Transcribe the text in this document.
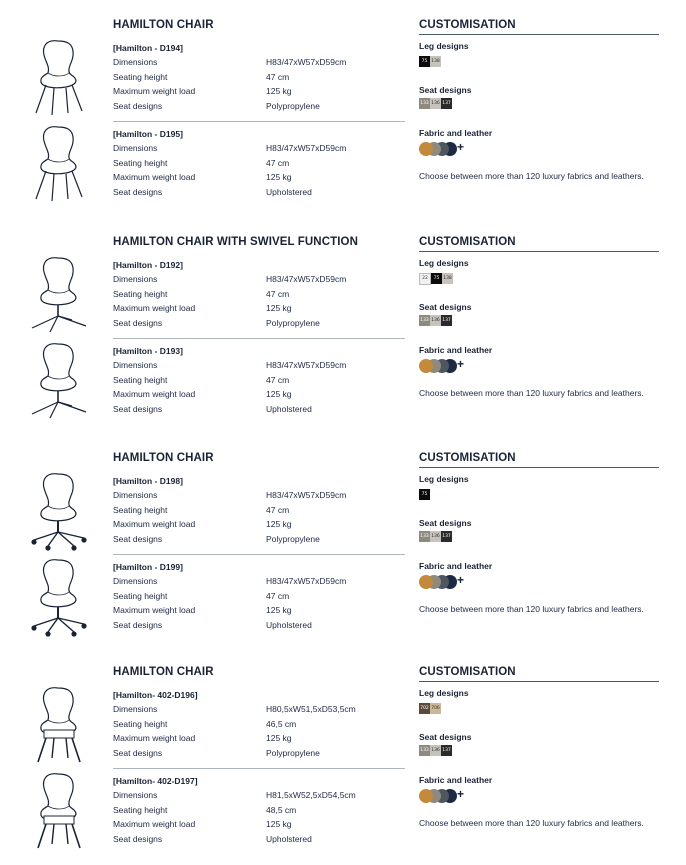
HAMILTON CHAIR	CUSTOMISATION
[Hamilton - D194]
Dimensions	H83/47xW57xD59cm
Seating height	47 cm
Maximum weight load	125 kg
Seat designs	Polypropylene
[Hamilton - D195]
Dimensions	H83/47xW57xD59cm
Seating height	47 cm
Maximum weight load	125 kg
Seat designs	Upholstered
Leg designs
75 138
Seat designs
133 136 137
Fabric and leather
+
Choose between more than 120 luxury fabrics and leathers.
HAMILTON CHAIR WITH SWIVEL FUNCTION	CUSTOMISATION
[Hamilton - D192]
Dimensions	H83/47xW57xD59cm
Seating height	47 cm
Maximum weight load	125 kg
Seat designs	Polypropylene
[Hamilton - D193]
Dimensions	H83/47xW57xD59cm
Seating height	47 cm
Maximum weight load	125 kg
Seat designs	Upholstered
Leg designs
22	75 138
Seat designs
133 136 137
Fabric and leather
+
Choose between more than 120 luxury fabrics and leathers.
HAMILTON CHAIR	CUSTOMISATION
[Hamilton - D198]
Dimensions	H83/47xW57xD59cm
Seating height	47 cm
Maximum weight load	125 kg
Seat designs	Polypropylene
[Hamilton - D199]
Dimensions	H83/47xW57xD59cm
Seating height	47 cm
Maximum weight load	125 kg
Seat designs	Upholstered
Leg designs
75
Seat designs
133 136 137
Fabric and leather
+
Choose between more than 120 luxury fabrics and leathers.
HAMILTON CHAIR	CUSTOMISATION
[Hamilton- 402-D196]
Dimensions	H80,5xW51,5xD53,5cm
Seating height	46,5 cm
Maximum weight load	125 kg
Seat designs	Polypropylene
[Hamilton- 402-D197]
Dimensions	H81,5xW52,5xD54,5cm
Seating height	48,5 cm
Maximum weight load	125 kg
Seat designs	Upholstered
Leg designs
702 706
Seat designs
133 136 137
Fabric and leather
+
Choose between more than 120 luxury fabrics and leathers.
